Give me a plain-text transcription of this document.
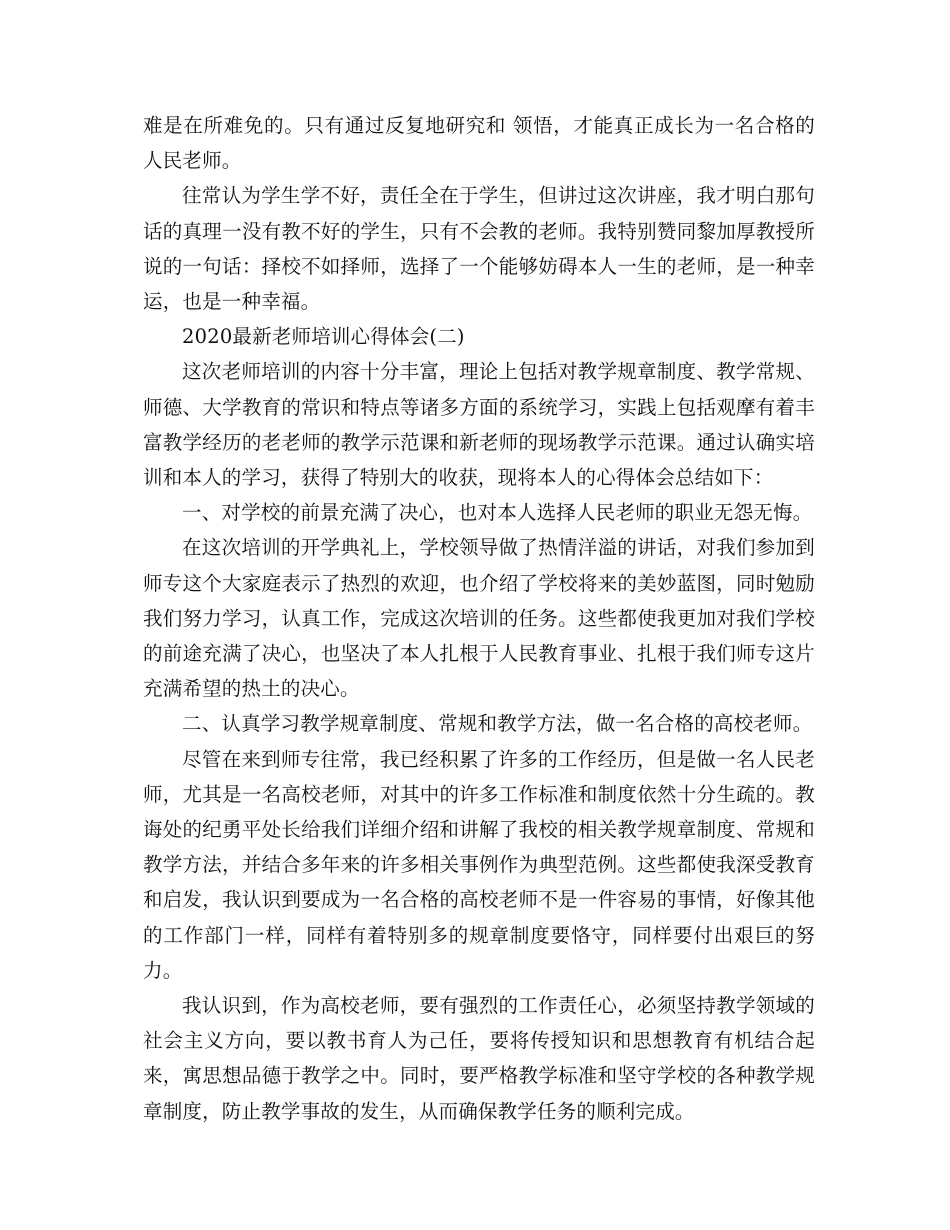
难是在所难免的。只有通过反复地研究和 领悟，才能真正成长为一名合格的人民老师。

往常认为学生学不好，责任全在于学生，但讲过这次讲座，我才明白那句话的真理一没有教不好的学生，只有不会教的老师。我特别赞同黎加厚教授所说的一句话：择校不如择师，选择了一个能够妨碍本人一生的老师，是一种幸运，也是一种幸福。

2020最新老师培训心得体会(二)

这次老师培训的内容十分丰富，理论上包括对教学规章制度、教学常规、师德、大学教育的常识和特点等诸多方面的系统学习，实践上包括观摩有着丰富教学经历的老老师的教学示范课和新老师的现场教学示范课。通过认确实培训和本人的学习，获得了特别大的收获，现将本人的心得体会总结如下：

一、对学校的前景充满了决心，也对本人选择人民老师的职业无怨无悔。

在这次培训的开学典礼上，学校领导做了热情洋溢的讲话，对我们参加到师专这个大家庭表示了热烈的欢迎，也介绍了学校将来的美妙蓝图，同时勉励我们努力学习，认真工作，完成这次培训的任务。这些都使我更加对我们学校的前途充满了决心，也坚决了本人扎根于人民教育事业、扎根于我们师专这片充满希望的热土的决心。

二、认真学习教学规章制度、常规和教学方法，做一名合格的高校老师。

尽管在来到师专往常，我已经积累了许多的工作经历，但是做一名人民老师，尤其是一名高校老师，对其中的许多工作标准和制度依然十分生疏的。教诲处的纪勇平处长给我们详细介绍和讲解了我校的相关教学规章制度、常规和教学方法，并结合多年来的许多相关事例作为典型范例。这些都使我深受教育和启发，我认识到要成为一名合格的高校老师不是一件容易的事情，好像其他的工作部门一样，同样有着特别多的规章制度要恪守，同样要付出艰巨的努力。

我认识到，作为高校老师，要有强烈的工作责任心，必须坚持教学领域的社会主义方向，要以教书育人为己任，要将传授知识和思想教育有机结合起来，寓思想品德于教学之中。同时，要严格教学标准和坚守学校的各种教学规章制度，防止教学事故的发生，从而确保教学任务的顺利完成。
